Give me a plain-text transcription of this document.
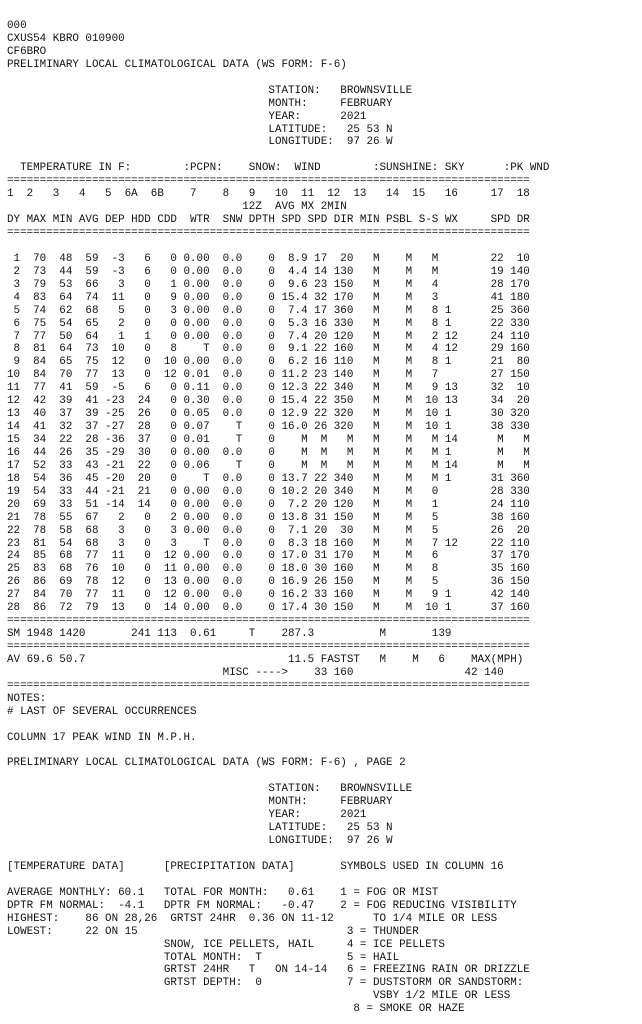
000
CXUS54 KBRO 010900
CF6BRO
PRELIMINARY LOCAL CLIMATOLOGICAL DATA (WS FORM: F-6)

STATION:   BROWNSVILLE
MONTH:     FEBRUARY
YEAR:      2021
LATITUDE:   25 53 N
LONGITUDE:  97 26 W

TEMPERATURE IN F:        :PCPN:    SNOW:  WIND        :SUNSHINE: SKY      :PK WND
================================================================================
1  2   3   4   5  6A  6B    7    8   9   10  11  12  13   14  15   16     17  18
12Z  AVG MX 2MIN
DY MAX MIN AVG DEP HDD CDD  WTR  SNW DPTH SPD SPD DIR MIN PSBL S-S WX     SPD DR
================================================================================

1  70  48  59  -3   6   0 0.00  0.0    0  8.9 17  20   M    M   M        22  10
2  73  44  59  -3   6   0 0.00  0.0    0  4.4 14 130   M    M   M        19 140
3  79  53  66   3   0   1 0.00  0.0    0  9.6 23 150   M    M   4        28 170
4  83  64  74  11   0   9 0.00  0.0    0 15.4 32 170   M    M   3        41 180
5  74  62  68   5   0   3 0.00  0.0    0  7.4 17 360   M    M   8 1      25 360
6  75  54  65   2   0   0 0.00  0.0    0  5.3 16 330   M    M   8 1      22 330
7  77  50  64   1   1   0 0.00  0.0    0  7.4 20 120   M    M   2 12     24 110
8  81  64  73  10   0   8    T  0.0    0  9.1 22 160   M    M   4 12     29 160
9  84  65  75  12   0  10 0.00  0.0    0  6.2 16 110   M    M   8 1      21  80
10  84  70  77  13   0  12 0.01  0.0    0 11.2 23 140   M    M   7        27 150
11  77  41  59  -5   6   0 0.11  0.0    0 12.3 22 340   M    M   9 13     32  10
12  42  39  41 -23  24   0 0.30  0.0    0 15.4 22 350   M    M  10 13     34  20
13  40  37  39 -25  26   0 0.05  0.0    0 12.9 22 320   M    M  10 1      30 320
14  41  32  37 -27  28   0 0.07    T    0 16.0 26 320   M    M  10 1      38 330
15  34  22  28 -36  37   0 0.01    T    0    M  M   M   M    M   M 14      M   M
16  44  26  35 -29  30   0 0.00  0.0    0    M  M   M   M    M   M 1       M   M
17  52  33  43 -21  22   0 0.06    T    0    M  M   M   M    M   M 14      M   M
18  54  36  45 -20  20   0    T  0.0    0 13.7 22 340   M    M   M 1      31 360
19  54  33  44 -21  21   0 0.00  0.0    0 10.2 20 340   M    M   0        28 330
20  69  33  51 -14  14   0 0.00  0.0    0  7.2 20 120   M    M   1        24 110
21  78  55  67   2   0   2 0.00  0.0    0 13.8 31 150   M    M   5        38 160
22  78  58  68   3   0   3 0.00  0.0    0  7.1 20  30   M    M   5        26  20
23  81  54  68   3   0   3    T  0.0    0  8.3 18 160   M    M   7 12     22 110
24  85  68  77  11   0  12 0.00  0.0    0 17.0 31 170   M    M   6        37 170
25  83  68  76  10   0  11 0.00  0.0    0 18.0 30 160   M    M   8        35 160
26  86  69  78  12   0  13 0.00  0.0    0 16.9 26 150   M    M   5        36 150
27  84  70  77  11   0  12 0.00  0.0    0 16.2 33 160   M    M   9 1      42 140
28  86  72  79  13   0  14 0.00  0.0    0 17.4 30 150   M    M  10 1      37 160
================================================================================
SM 1948 1420       241 113  0.61     T    287.3          M       139
================================================================================
AV 69.6 50.7                               11.5 FASTST   M    M   6    MAX(MPH)
MISC ---->    33 160                 42 140
================================================================================
NOTES:
# LAST OF SEVERAL OCCURRENCES

COLUMN 17 PEAK WIND IN M.P.H.

PRELIMINARY LOCAL CLIMATOLOGICAL DATA (WS FORM: F-6) , PAGE 2

STATION:   BROWNSVILLE
MONTH:     FEBRUARY
YEAR:      2021
LATITUDE:   25 53 N
LONGITUDE:  97 26 W

[TEMPERATURE DATA]      [PRECIPITATION DATA]       SYMBOLS USED IN COLUMN 16

AVERAGE MONTHLY: 60.1   TOTAL FOR MONTH:   0.61    1 = FOG OR MIST
DPTR FM NORMAL:  -4.1   DPTR FM NORMAL:   -0.47    2 = FOG REDUCING VISIBILITY
HIGHEST:    86 ON 28,26  GRTST 24HR  0.36 ON 11-12      TO 1/4 MILE OR LESS
LOWEST:     22 ON 15                                3 = THUNDER
SNOW, ICE PELLETS, HAIL     4 = ICE PELLETS
TOTAL MONTH:  T             5 = HAIL
GRTST 24HR   T   ON 14-14   6 = FREEZING RAIN OR DRIZZLE
GRTST DEPTH:  0             7 = DUSTSTORM OR SANDSTORM:
VSBY 1/2 MILE OR LESS
8 = SMOKE OR HAZE
